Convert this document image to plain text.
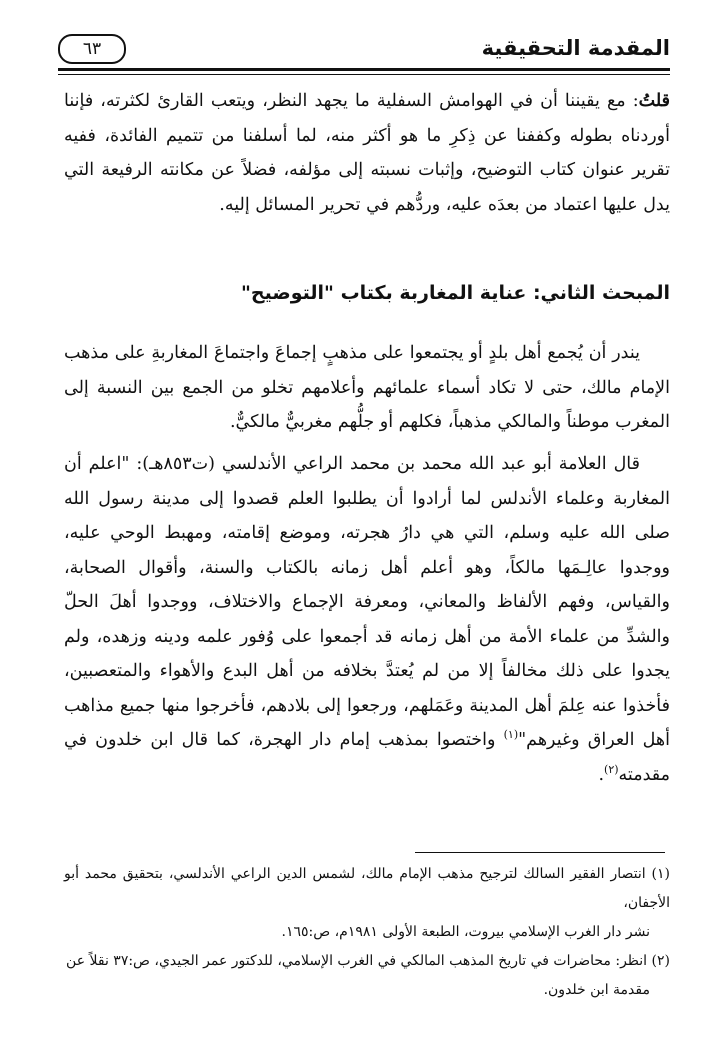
المقدمة التحقيقية
٦٣

قلتُ: مع يقيننا أن في الهوامش السفلية ما يجهد النظر، ويتعب القارئ لكثرته، فإننا أوردناه بطوله وكففنا عن ذِكرِ ما هو أكثر منه، لما أسلفنا من تتميم الفائدة، ففيه تقرير عنوان كتاب التوضيح، وإثبات نسبته إلى مؤلفه، فضلاً عن مكانته الرفيعة التي يدل عليها اعتماد من بعدَه عليه، وردُّهم في تحرير المسائل إليه.

المبحث الثاني: عناية المغاربة بكتاب "التوضيح"

يندر أن يُجمع أهل بلدٍ أو يجتمعوا على مذهبٍ إجماعَ واجتماعَ المغاربةِ على مذهب الإمام مالك، حتى لا تكاد أسماء علمائهم وأعلامهم تخلو من الجمع بين النسبة إلى المغرب موطناً والمالكي مذهباً، فكلهم أو جلُّهم مغربيٌّ مالكيٌّ.

قال العلامة أبو عبد الله محمد بن محمد الراعي الأندلسي (ت٨٥٣هـ): "اعلم أن المغاربة وعلماء الأندلس لما أرادوا أن يطلبوا العلم قصدوا إلى مدينة رسول الله صلى الله عليه وسلم، التي هي دارُ هجرته، وموضع إقامته، ومهبط الوحي عليه، ووجدوا عالِـمَها مالكاً، وهو أعلم أهل زمانه بالكتاب والسنة، وأقوال الصحابة، والقياس، وفهم الألفاظ والمعاني، ومعرفة الإجماع والاختلاف، ووجدوا أهلَ الحلّ والشدِّ من علماء الأمة من أهل زمانه قد أجمعوا على وُفور علمه ودينه وزهده، ولم يجدوا على ذلك مخالفاً إلا من لم يُعتدَّ بخلافه من أهل البدع والأهواء والمتعصبين، فأخذوا عنه عِلمَ أهل المدينة وعَمَلهم، ورجعوا إلى بلادهم، فأخرجوا منها جميع مذاهب أهل العراق وغيرهم"$^{(١)}$ واختصوا بمذهب إمام دار الهجرة، كما قال ابن خلدون في مقدمته$^{(٢)}$.

(١) انتصار الفقير السالك لترجيح مذهب الإمام مالك، لشمس الدين الراعي الأندلسي، بتحقيق محمد أبو الأجفان،
نشر دار الغرب الإسلامي بيروت، الطبعة الأولى ١٩٨١م، ص:١٦٥.

(٢) انظر: محاضرات في تاريخ المذهب المالكي في الغرب الإسلامي، للدكتور عمر الجيدي، ص:٣٧ نقلاً عن
مقدمة ابن خلدون.
